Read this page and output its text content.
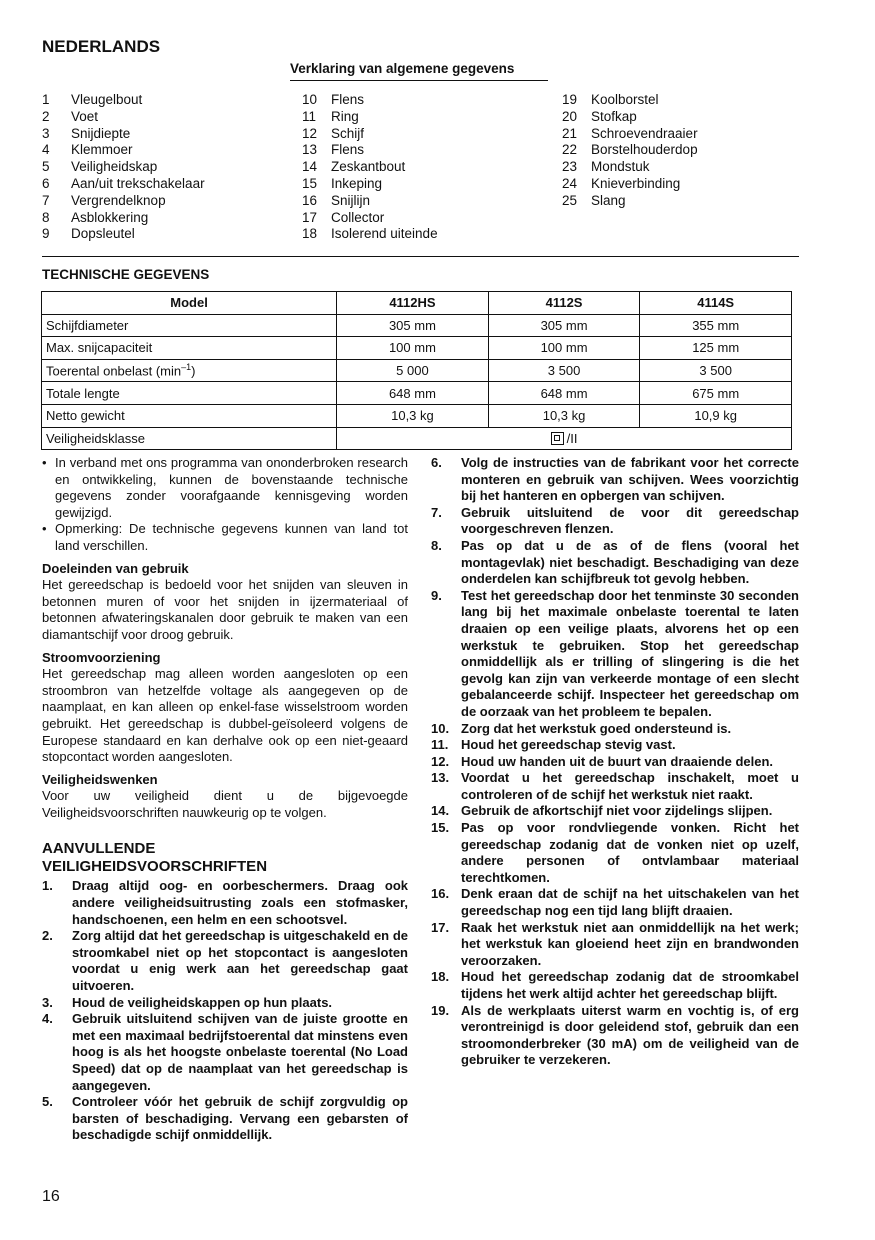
NEDERLANDS
Verklaring van algemene gegevens
1	Vleugelbout
2	Voet
3	Snijdiepte
4	Klemmoer
5	Veiligheidskap
6	Aan/uit trekschakelaar
7	Vergrendelknop
8	Asblokkering
9	Dopsleutel
10	Flens
11	Ring
12	Schijf
13	Flens
14	Zeskantbout
15	Inkeping
16	Snijlijn
17	Collector
18	Isolerend uiteinde
19	Koolborstel
20	Stofkap
21	Schroevendraaier
22	Borstelhouderdop
23	Mondstuk
24	Knieverbinding
25	Slang
TECHNISCHE GEGEVENS
Model	4112HS	4112S	4114S
Schijfdiameter	305 mm	305 mm	355 mm
Max. snijcapaciteit	100 mm	100 mm	125 mm
Toerental onbelast $(\min^{-1})$	5 000	3 500	3 500
Totale lengte	648 mm	648 mm	675 mm
Netto gewicht	10,3 kg	10,3 kg	10,9 kg
Veiligheidsklasse	/II		
• In verband met ons programma van ononderbroken research en ontwikkeling, kunnen de bovenstaande technische gegevens zonder voorafgaande kennisgeving worden gewijzigd.
• Opmerking: De technische gegevens kunnen van land tot land verschillen.
Doeleinden van gebruik
Het gereedschap is bedoeld voor het snijden van sleuven in betonnen muren of voor het snijden in ijzermateriaal of betonnen afwateringskanalen door gebruik te maken van een diamantschijf voor droog gebruik.
Stroomvoorziening
Het gereedschap mag alleen worden aangesloten op een stroombron van hetzelfde voltage als aangegeven op de naamplaat, en kan alleen op enkel-fase wisselstroom worden gebruikt. Het gereedschap is dubbel-geïsoleerd volgens de Europese standaard en kan derhalve ook op een niet-geaard stopcontact worden aangesloten.
Veiligheidswenken
Voor uw veiligheid dient u de bijgevoegde Veiligheidsvoorschriften nauwkeurig op te volgen.
AANVULLENDE
VEILIGHEIDSVOORSCHRIFTEN
1.	Draag altijd oog- en oorbeschermers. Draag ook andere veiligheidsuitrusting zoals een stofmasker, handschoenen, een helm en een schootsvel.
2.	Zorg altijd dat het gereedschap is uitgeschakeld en de stroomkabel niet op het stopcontact is aangesloten voordat u enig werk aan het gereedschap gaat uitvoeren.
3.	Houd de veiligheidskappen op hun plaats.
4.	Gebruik uitsluitend schijven van de juiste grootte en met een maximaal bedrijfstoerental dat minstens even hoog is als het hoogste onbelaste toerental (No Load Speed) dat op de naamplaat van het gereedschap is aangegeven.
5.	Controleer vóór het gebruik de schijf zorgvuldig op barsten of beschadiging. Vervang een gebarsten of beschadigde schijf onmiddellijk.
6.	Volg de instructies van de fabrikant voor het correcte monteren en gebruik van schijven. Wees voorzichtig bij het hanteren en opbergen van schijven.
7.	Gebruik uitsluitend de voor dit gereedschap voorgeschreven flenzen.
8.	Pas op dat u de as of de flens (vooral het montagevlak) niet beschadigt. Beschadiging van deze onderdelen kan schijfbreuk tot gevolg hebben.
9.	Test het gereedschap door het tenminste 30 seconden lang bij het maximale onbelaste toerental te laten draaien op een veilige plaats, alvorens het op een werkstuk te gebruiken. Stop het gereedschap onmiddellijk als er trilling of slingering is die het gevolg kan zijn van verkeerde montage of een slecht gebalanceerde schijf. Inspecteer het gereedschap om de oorzaak van het probleem te bepalen.
10. Zorg dat het werkstuk goed ondersteund is.
11. Houd het gereedschap stevig vast.
12. Houd uw handen uit de buurt van draaiende delen.
13. Voordat u het gereedschap inschakelt, moet u controleren of de schijf het werkstuk niet raakt.
14. Gebruik de afkortschijf niet voor zijdelings slijpen.
15. Pas op voor rondvliegende vonken. Richt het gereedschap zodanig dat de vonken niet op uzelf, andere personen of ontvlambaar materiaal terechtkomen.
16. Denk eraan dat de schijf na het uitschakelen van het gereedschap nog een tijd lang blijft draaien.
17. Raak het werkstuk niet aan onmiddellijk na het werk; het werkstuk kan gloeiend heet zijn en brandwonden veroorzaken.
18. Houd het gereedschap zodanig dat de stroomkabel tijdens het werk altijd achter het gereedschap blijft.
19. Als de werkplaats uiterst warm en vochtig is, of erg verontreinigd is door geleidend stof, gebruik dan een stroomonderbreker (30 mA) om de veiligheid van de gebruiker te verzekeren.
16
